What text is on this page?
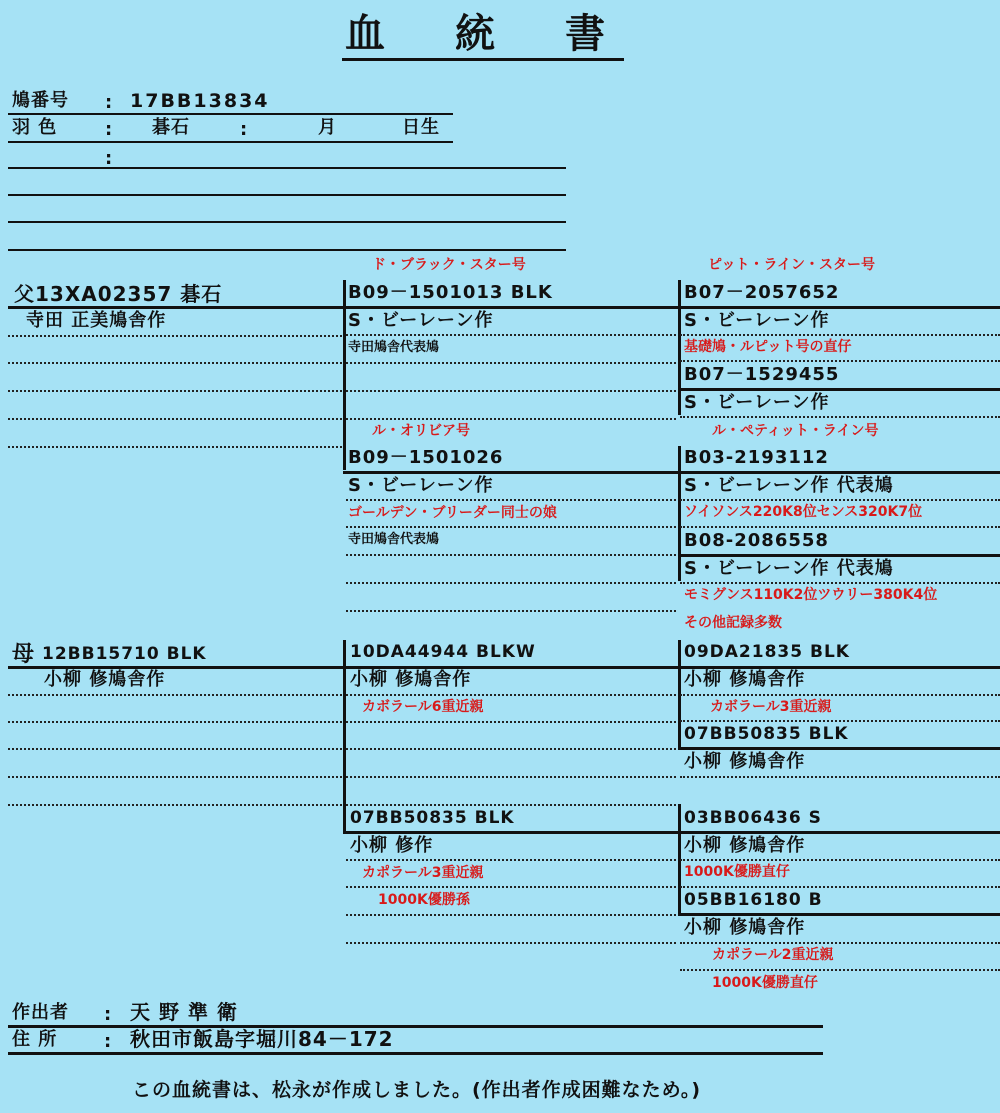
血統書
鳩番号 : 17BB13834
羽 色	: 碁石	:	月	日生
:
父13XA02357 碁石
寺田 正美鳩舎作
母 12BB15710 BLK
小柳 修鳩舎作
ド・ブラック・スター号
B09－1501013 BLK
S・ビーレーン作
寺田鳩舎代表鳩
ル・オリビア号
B09－1501026
S・ビーレーン作
ゴールデン・ブリーダー同士の娘
寺田鳩舎代表鳩
10DA44944 BLKW
小柳 修鳩舎作
カボラール6重近親
07BB50835 BLK
小柳 修作
カポラール3重近親
1000K優勝孫
ピット・ライン・スター号
B07－2057652
S・ビーレーン作
基礎鳩・ルピット号の直仔
B07－1529455
S・ビーレーン作
ル・ペティット・ライン号
B03-2193112
S・ビーレーン作 代表鳩
ソイソンス220K8位センス320K7位
B08-2086558
S・ビーレーン作 代表鳩
モミグンス110K2位ツウリー380K4位
その他記録多数
09DA21835 BLK
小柳 修鳩舎作
カボラール3重近親
07BB50835 BLK
小柳 修鳩舎作
03BB06436 S
小柳 修鳩舎作
1000K優勝直仔
05BB16180 B
小柳 修鳩舎作
カポラール2重近親
1000K優勝直仔
作出者 : 天 野 準 衛
住 所	: 秋田市飯島字堀川84－172
この血統書は、松永が作成しました。(作出者作成困難なため。)
